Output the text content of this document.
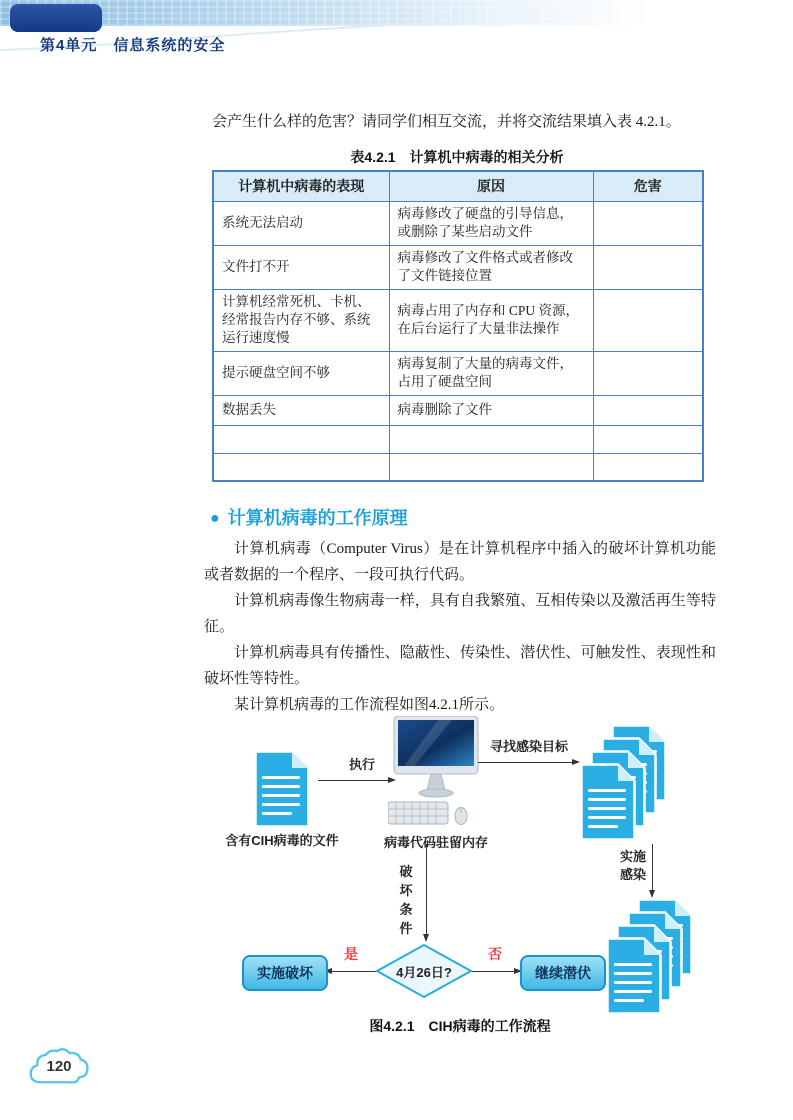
第4单元　信息系统的安全
会产生什么样的危害？请同学们相互交流，并将交流结果填入表 4.2.1。
表4.2.1　计算机中病毒的相关分析
计算机中病毒的表现	原因	危害
系统无法启动	病毒修改了硬盘的引导信息，或删除了某些启动文件	
文件打不开	病毒修改了文件格式或者修改了文件链接位置	
计算机经常死机、卡机、经常报告内存不够、系统运行速度慢	病毒占用了内存和 CPU 资源，在后台运行了大量非法操作	
提示硬盘空间不够	病毒复制了大量的病毒文件，占用了硬盘空间	
数据丢失	病毒删除了文件	

● 计算机病毒的工作原理

计算机病毒（Computer Virus）是在计算机程序中插入的破坏计算机功能或者数据的一个程序、一段可执行代码。

计算机病毒像生物病毒一样，具有自我繁殖、互相传染以及激活再生等特征。

计算机病毒具有传播性、隐蔽性、传染性、潜伏性、可触发性、表现性和破坏性等特性。

某计算机病毒的工作流程如图4.2.1所示。

含有CIH病毒的文件
执行
病毒代码驻留内存
寻找感染目标
实施感染
破坏条件
4月26日?
是
实施破坏
否
继续潜伏
图4.2.1　CIH病毒的工作流程
120
